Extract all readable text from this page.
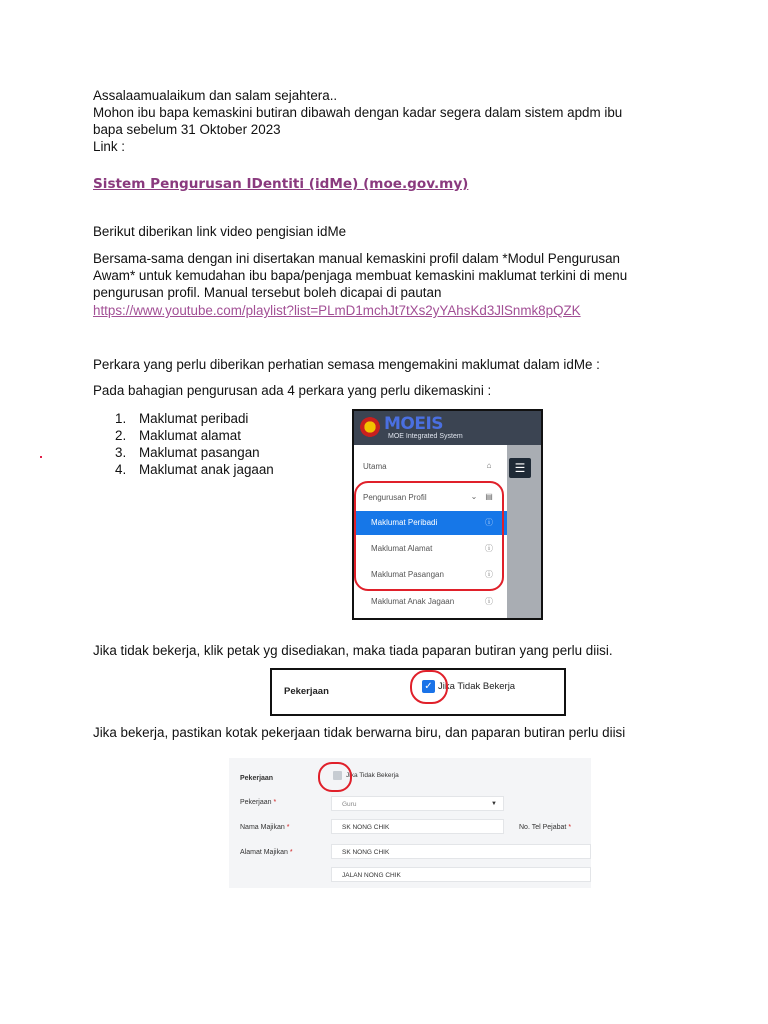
Assalaamualaikum dan salam sejahtera..
Mohon ibu bapa kemaskini butiran dibawah dengan kadar segera dalam sistem apdm ibu
bapa sebelum 31 Oktober 2023
Link :
Sistem Pengurusan IDentiti (idMe) (moe.gov.my)
Berikut diberikan link video pengisian idMe
Bersama-sama dengan ini disertakan manual kemaskini profil dalam *Modul Pengurusan
Awam* untuk kemudahan ibu bapa/penjaga membuat kemaskini maklumat terkini di menu
pengurusan profil. Manual tersebut boleh dicapai di pautan
https://www.youtube.com/playlist?list=PLmD1mchJt7tXs2yYAhsKd3JlSnmk8pQZK
Perkara yang perlu diberikan perhatian semasa mengemakini maklumat dalam idMe :
Pada bahagian pengurusan ada 4 perkara yang perlu dikemaskini :
1. Maklumat peribadi
2. Maklumat alamat
3. Maklumat pasangan
4. Maklumat anak jagaan
MOEIS
MOE Integrated System
☰
Utama	⌂
Pengurusan Profil	⌄ ▤
Maklumat Peribadi	ⓘ
Maklumat Alamat	ⓘ
Maklumat Pasangan	ⓘ
Maklumat Anak Jagaan	ⓘ
Jika tidak bekerja, klik petak yg disediakan, maka tiada paparan butiran yang perlu diisi.
Pekerjaan	✓ Jika Tidak Bekerja
Jika bekerja, pastikan kotak pekerjaan tidak berwarna biru, dan paparan butiran perlu diisi
Pekerjaan	Jika Tidak Bekerja
Pekerjaan *	Guru	▼
Nama Majikan *	SK NONG CHIK	No. Tel Pejabat *
Alamat Majikan *	SK NONG CHIK
JALAN NONG CHIK
